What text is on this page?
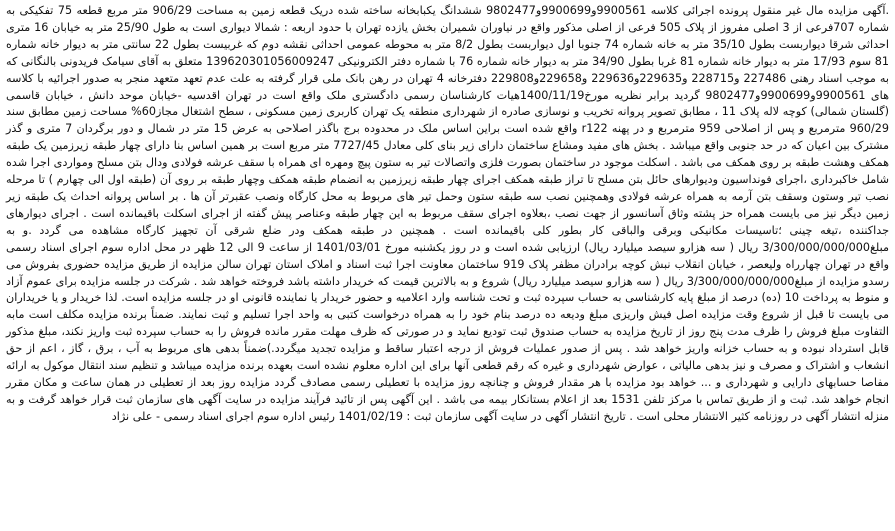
.آگهی مزایده مال غیر منقول پرونده اجرائی کلاسه 9900561و9900699و9802477 ششدانگ یکبابخانه ساخته شده دریک قطعه زمین به مساحت 906/29 متر مربع قطعه 75 تفکیکی به شماره 707فرعی از 3 اصلی مفروز از پلاک 505 فرعی از اصلی مذکور واقع در نیاوران شمیران بخش یازده تهران با حدود اربعه : شمالا دیواری است به طول 25/90 متر به خیابان 16 متری احداثی شرقا دیواربست بطول 35/10 متر به خانه شماره 74 جنوبا اول دیواربست بطول 8/2 متر به محوطه عمومی احداثی نقشه دوم که غربیست بطول 22 سانتی متر به دیوار خانه شماره 81 سوم 17/93 متر به دیوار خانه شماره 81 غربا بطول 34/90 متر به دیوار خانه شماره 76 با شماره دفتر الکترونیکی 139620301056009247 متعلق به آقای سیامک فریدونی بالنگانی که به موجب اسناد رهنی 227486 و228715 و229635و229636 و229658و229808 دفترخانه 4 تهران در رهن بانک ملی قرار گرفته به علت عدم تعهد متعهد منجر به صدور اجرائیه با کلاسه های 9900561و9900699و9802477 گردید برابر نظریه مورخ1400/11/19هیات کارشناسان رسمی دادگستری ملک واقع است در تهران اقدسیه -خیابان موحد دانش ، خیابان قاسمی (گلستان شمالی) کوچه لاله پلاک 11 ، مطابق تصویر پروانه تخریب و نوسازی صادره از شهرداری منطقه یک تهران کاربری زمین مسکونی ، سطح اشتغال مجاز60% مساحت زمین مطابق سند 960/29 مترمربع و پس از اصلاحی 959 مترمربع و در پهنه r122 واقع شده است براین اساس ملک در محدوده برج باگذر اصلاحی به عرض 15 متر در شمال و دور برگردان 7 متری و گذر مشترک بین اعیان که در حد جنوبی واقع میباشد . بخش های مفید ومشاع ساختمان دارای زیر بنای کلی معادل 7727/45 متر مربع است بر همین اساس بنا دارای چهار طبقه زیرزمین یک طبقه همکف وهشت طبقه بر روی همکف می باشد . اسکلت موجود در ساختمان بصورت فلزی واتصالات تیر به ستون پیچ ومهره ای همراه با سقف عرشه فولادی ودال بتن مسلح ومواردی اجرا شده شامل خاکبرداری ،اجرای فونداسیون ودیوارهای حائل بتن مسلح تا تراز طبقه همکف اجرای چهار طبقه زیرزمین به انضمام طبقه همکف وچهار طبقه بر روی آن (طبقه اول الی چهارم ) تا مرحله نصب تیر وستون وسقف بتن آرمه به همراه عرشه فولادی وهمچنین نصب سه طبقه ستون وحمل تیر های مربوط به محل کارگاه ونصب عقبرتر آن ها . بر اساس پروانه احداث یک طبقه زیر زمین دیگر نیز می بایست همراه حز پشته وثاق آسانسور از جهت نصب ،بعلاوه اجرای سقف مربوط به این چهار طبقه وعناصر پیش گفته از اجرای اسکلت باقیمانده است . اجرای دیوارهای جداکننده ،تیغه چینی ؛تاسیسات مکانیکی وبرقی والباقی کار بطور کلی باقیمانده است . همچنین در طبقه همکف ودر ضلع شرقی آن تجهیز کارگاه مشاهده می گردد .و به مبلغ3/300/000/000/000 ریال ( سه هزارو سیصد میلیارد ریال) ارزیابی شده است و در روز یکشنبه مورخ 1401/03/01 از ساعت 9 الی 12 ظهر در محل اداره سوم اجرای اسناد رسمی واقع در تهران چهارراه ولیعصر ، خیابان انقلاب نبش کوچه برادران مظفر پلاک 919 ساختمان معاونت اجرا ثبت اسناد و املاک استان تهران سالن مزایده از طریق مزایده حضوری بفروش می رسدو مزایده از مبلغ3/300/000/000/000 ریال ( سه هزارو سیصد میلیارد ریال) شروع و به بالاترین قیمت که خریدار داشته باشد فروخته خواهد شد . شرکت در جلسه مزایده برای عموم آزاد و منوط به پرداخت 10 (ده) درصد از مبلغ پایه کارشناسی به حساب سپرده ثبت و تحت شناسه وارد اعلامیه و حضور خریدار یا نماینده قانونی او در جلسه مزایده است. لذا خریدار و یا خریداران می بایست تا قبل از شروع وقت مزایده اصل فیش واریزی مبلغ ودیعه ده درصد بنام خود را به همراه درخواست کتبی به واحد اجرا تسلیم و ثبت نمایند. ضمناً برنده مزایده مکلف است مابه التفاوت مبلغ فروش را ظرف مدت پنج روز از تاریخ مزایده به حساب صندوق ثبت تودیع نماید و در صورتی که ظرف مهلت مقرر مانده فروش را به حساب سپرده ثبت واریز نکند، مبلغ مذکور قابل استرداد نبوده و به حساب خزانه واریز خواهد شد . پس از صدور عملیات فروش از درجه اعتبار ساقط و مزایده تجدید میگردد.)ضمناً بدهی های مربوط به آب ، برق ، گاز ، اعم از حق انشعاب و اشتراک و مصرف و نیز بدهی مالیاتی ، عوارض شهرداری و غیره که رقم قطعی آنها برای این اداره معلوم نشده است بعهده برنده مزایده میباشد و تنظیم سند انتقال موکول به ارائه مفاصا حسابهای دارایی و شهرداری و ... خواهد بود مزایده با هر مقدار فروش و چنانچه روز مزایده با تعطیلی رسمی مصادف گردد مزایده روز بعد از تعطیلی در همان ساعت و مکان مقرر انجام خواهد شد. ثبت و از طریق تماس با مرکز تلفن 1531 بعد از اعلام بستانکار بیمه می باشد . این آگهی پس از تائید فرآیند مزایده در سایت آگهی های سازمان ثبت قرار خواهد گرفت و به منزله انتشار آگهی در روزنامه کثیر الانتشار محلی است . تاریخ انتشار آگهی در سایت آگهی سازمان ثبت : 1401/02/19 رئیس اداره سوم اجرای اسناد رسمی - علی نژاد
